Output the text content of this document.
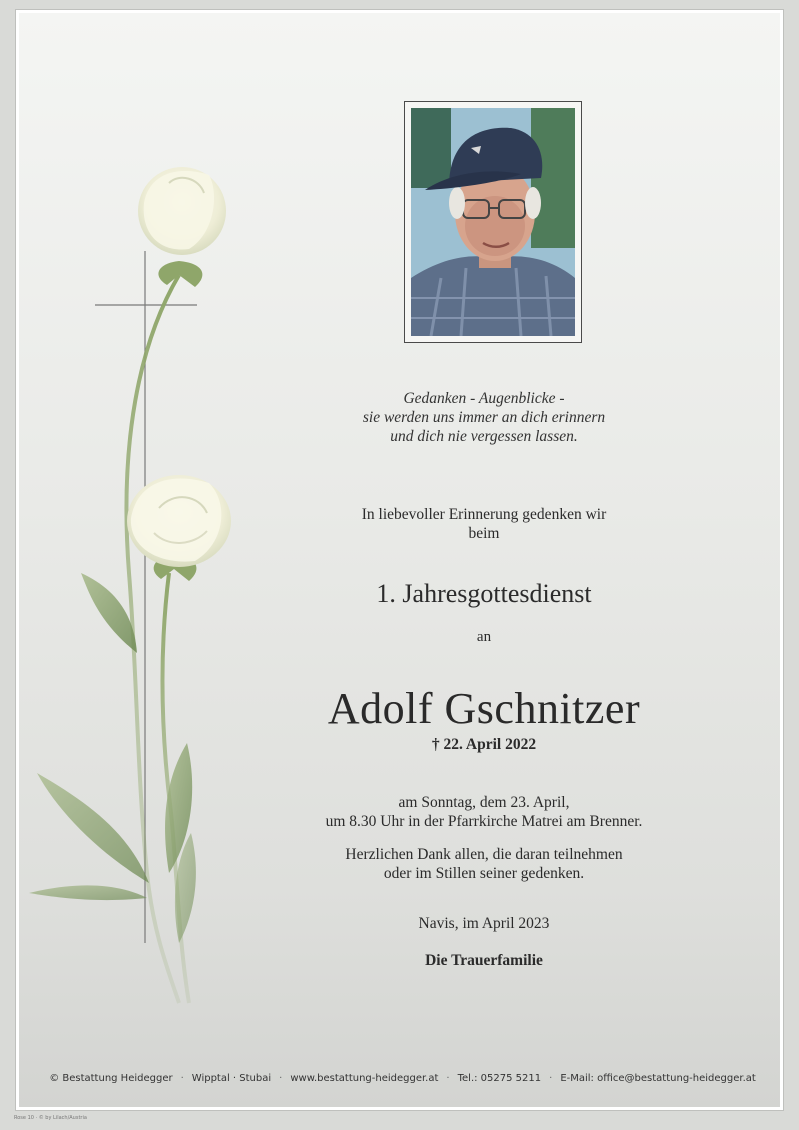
Gedanken - Augenblicke -
sie werden uns immer an dich erinnern
und dich nie vergessen lassen.
In liebevoller Erinnerung gedenken wir
beim
1. Jahresgottesdienst
an
Adolf Gschnitzer
† 22. April 2022
am Sonntag, dem 23. April,
um 8.30 Uhr in der Pfarrkirche Matrei am Brenner.
Herzlichen Dank allen, die daran teilnehmen
oder im Stillen seiner gedenken.
Navis, im April 2023
Die Trauerfamilie
© Bestattung Heidegger · Wipptal · Stubai · www.bestattung-heidegger.at · Tel.: 05275 5211 · E-Mail: office@bestattung-heidegger.at
Rose 10 · © by Lilach/Austria
